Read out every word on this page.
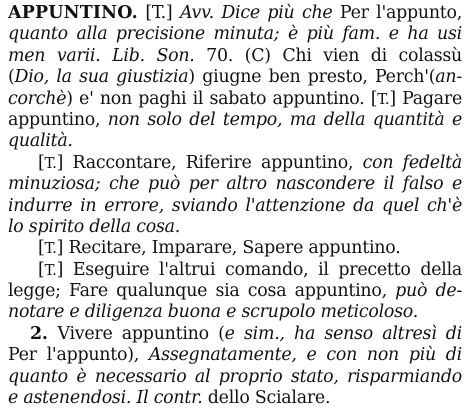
APPUNTINO. [T.] Avv. Dice più che Per l'appunto,
quanto alla precisione minuta; è più fam. e ha usi
men varii. Lib. Son. 70. (C) Chi vien di colassù
(Dio, la sua giustizia) giugne ben presto, Perch'(an-
corchè) e' non paghi il sabato appuntino. [T.] Pagare
appuntino, non solo del tempo, ma della quantità e
qualità.
[T.] Raccontare, Riferire appuntino, con fedeltà
minuziosa; che può per altro nascondere il falso e
indurre in errore, sviando l'attenzione da quel ch'è
lo spirito della cosa.
[T.] Recitare, Imparare, Sapere appuntino.
[T.] Eseguire l'altrui comando, il precetto della
legge; Fare qualunque sia cosa appuntino, può de-
notare e diligenza buona e scrupolo meticoloso.
2. Vivere appuntino (e sim., ha senso altresì di
Per l'appunto), Assegnatamente, e con non più di
quanto è necessario al proprio stato, risparmiando
e astenendosi. Il contr. dello Scialare.
